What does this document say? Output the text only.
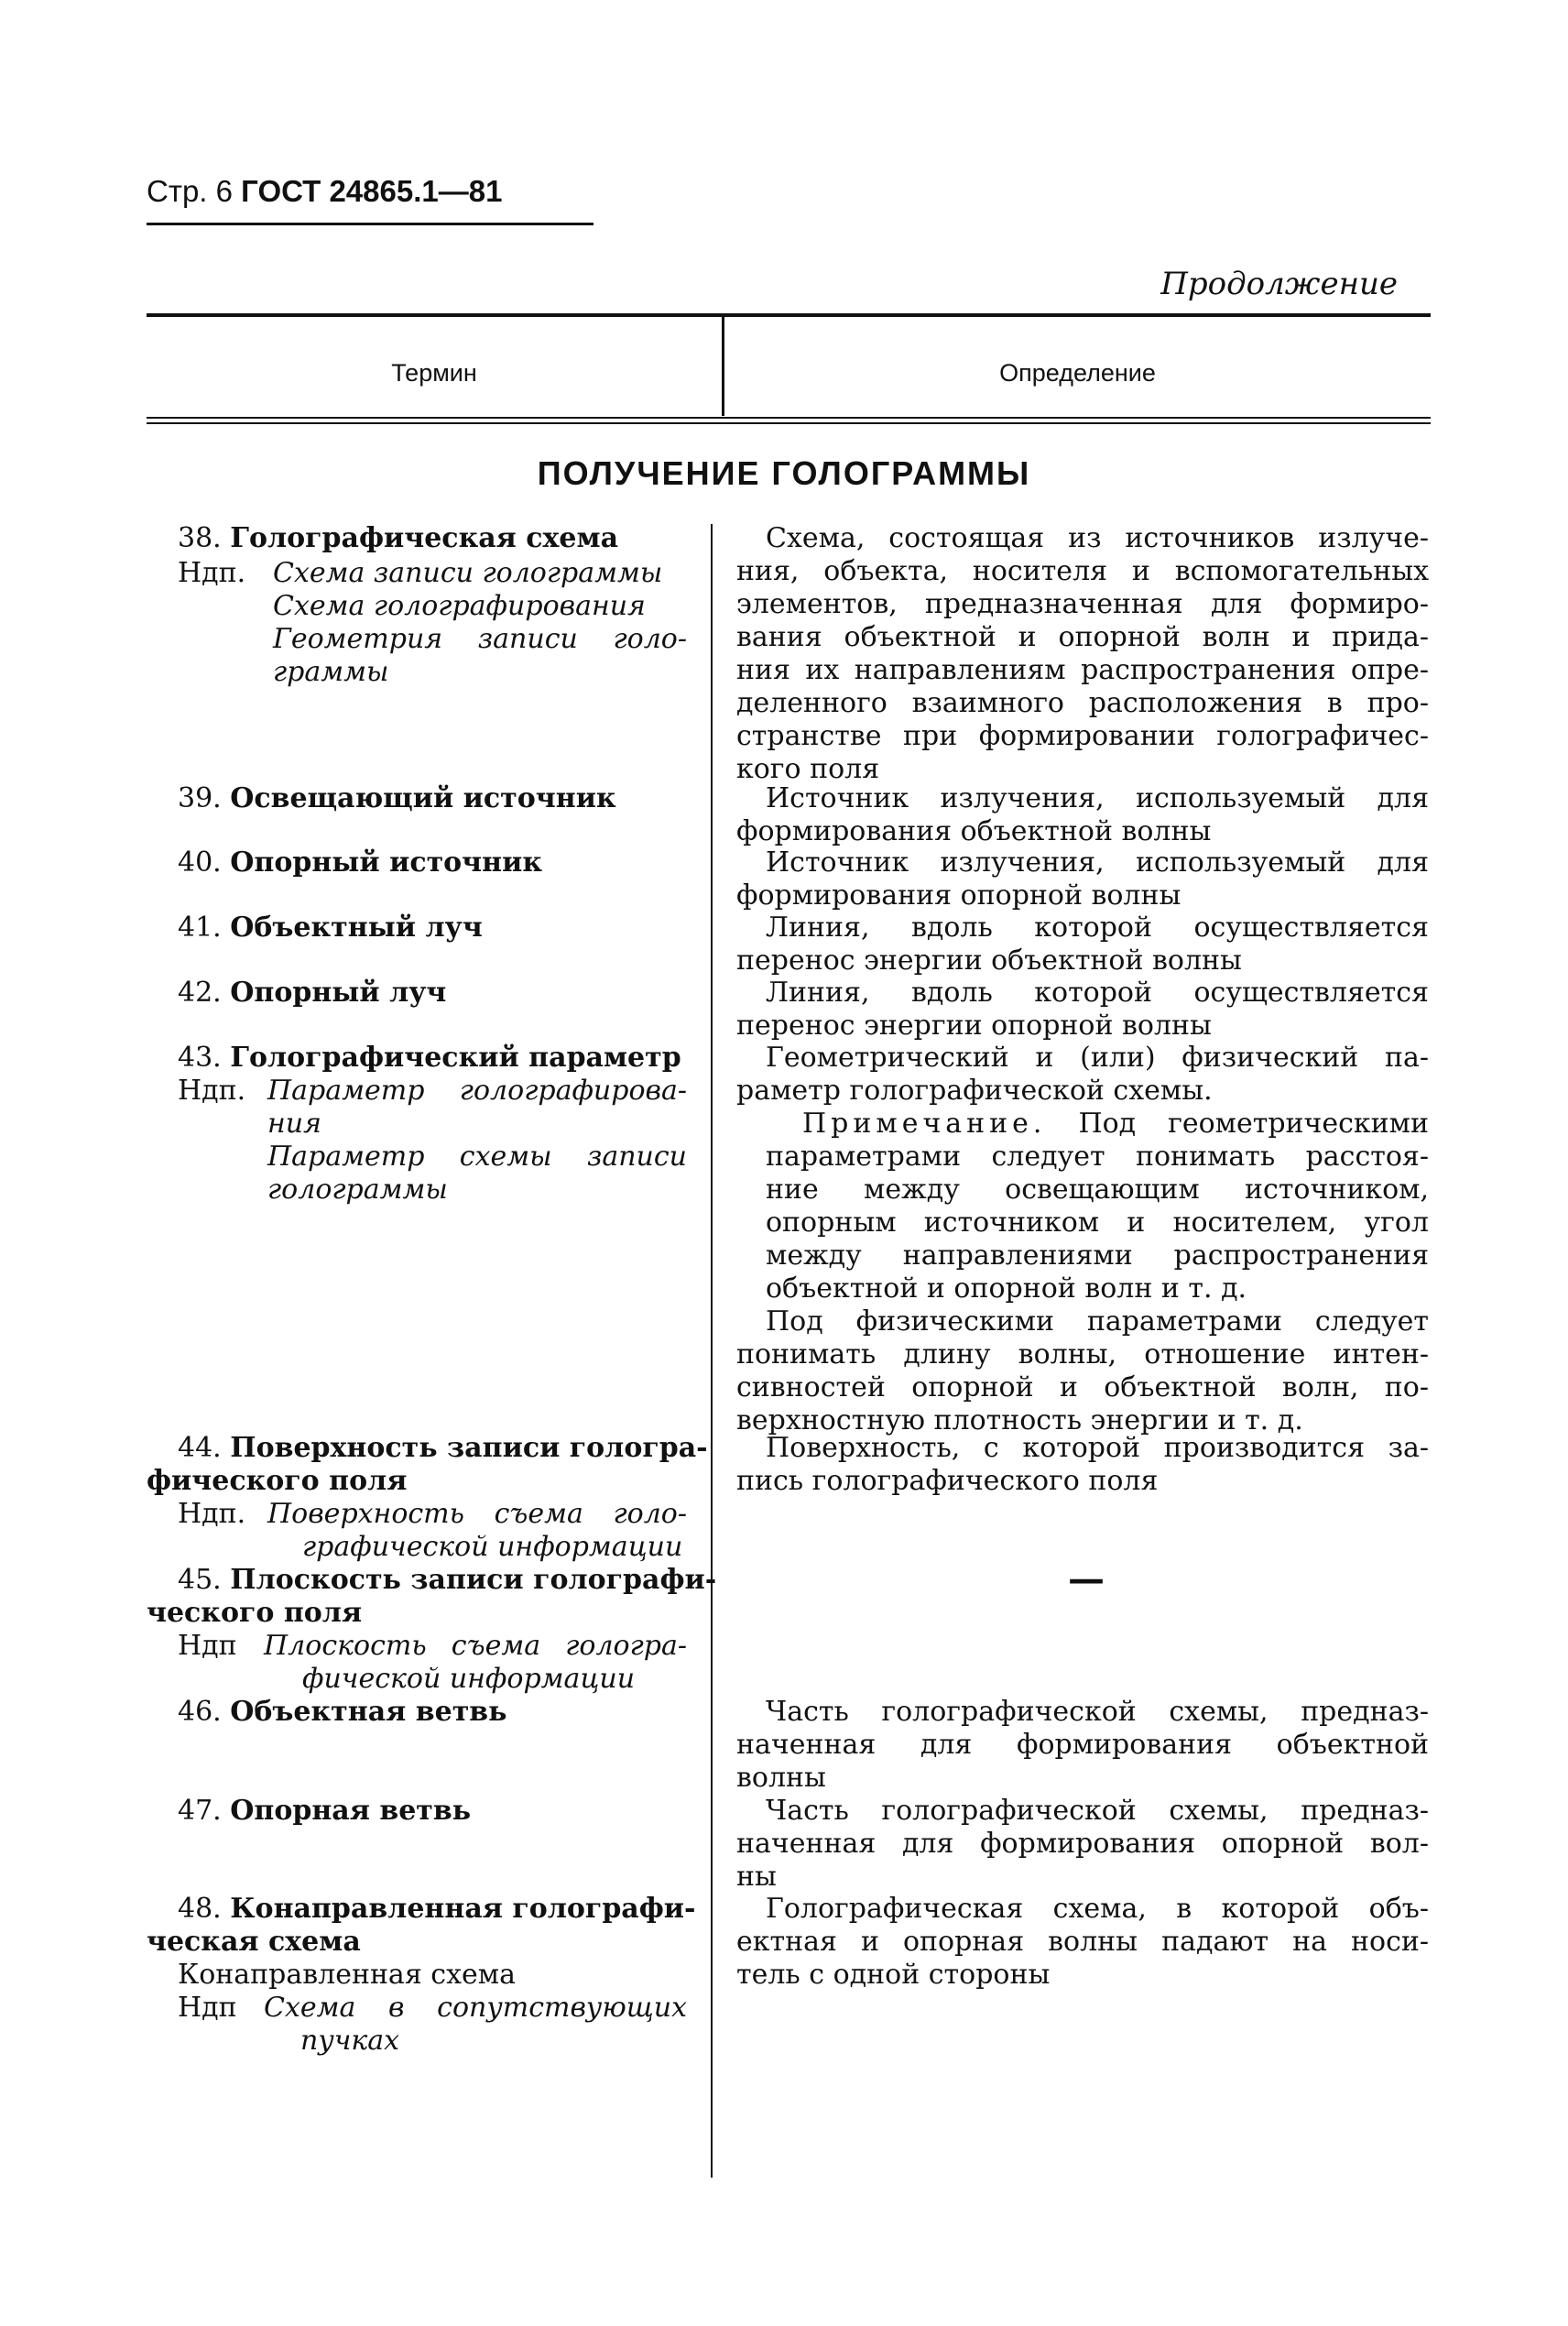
Стр. 6 ГОСТ 24865.1—81
Продолжение
Термин	Определение
ПОЛУЧЕНИЕ ГОЛОГРАММЫ
38. Голографическая схема
Ндп. Схема записи голограммы
Схема голографирования
Геометрия записи голо-
граммы
39. Освещающий источник
40. Опорный источник
41. Объектный луч
42. Опорный луч
43. Голографический параметр
Ндп. Параметр голографирова-
ния
Параметр схемы записи
голограммы
44. Поверхность записи гологра-
фического поля
Ндп. Поверхность съема голо-
графической информации
45. Плоскость записи голографи-
ческого поля
Ндп Плоскость съема гологра-
фической информации
46. Объектная ветвь
47. Опорная ветвь
48. Конаправленная голографи-
ческая схема
Конаправленная схема
Ндп Схема в сопутствующих
пучках
Схема, состоящая из источников излуче-
ния, объекта, носителя и вспомогательных
элементов, предназначенная для формиро-
вания объектной и опорной волн и прида-
ния их направлениям распространения опре-
деленного взаимного расположения в про-
странстве при формировании голографичес-
кого поля
Источник излучения, используемый для
формирования объектной волны
Источник излучения, используемый для
формирования опорной волны
Линия, вдоль которой осуществляется
перенос энергии объектной волны
Линия, вдоль которой осуществляется
перенос энергии опорной волны
Геометрический и (или) физический па-
раметр голографической схемы.
Примечание. Под геометрическими
параметрами следует понимать расстоя-
ние между освещающим источником,
опорным источником и носителем, угол
между направлениями распространения
объектной и опорной волн и т. д.
Под физическими параметрами следует
понимать длину волны, отношение интен-
сивностей опорной и объектной волн, по-
верхностную плотность энергии и т. д.
Поверхность, с которой производится за-
пись голографического поля
—
Часть голографической схемы, предназ-
наченная для формирования объектной
волны
Часть голографической схемы, предназ-
наченная для формирования опорной вол-
ны
Голографическая схема, в которой объ-
ектная и опорная волны падают на носи-
тель с одной стороны
